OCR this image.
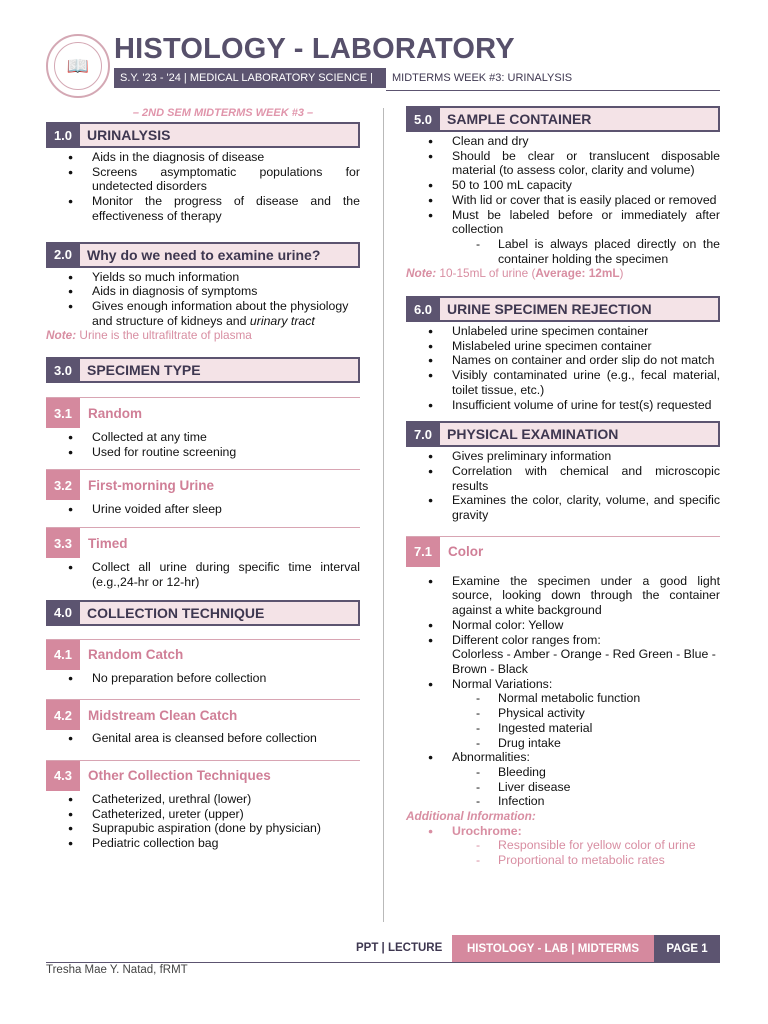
📖
HISTOLOGY - LABORATORY
S.Y. '23 - '24 | MEDICAL LABORATORY SCIENCE |	MIDTERMS WEEK #3: URINALYSIS
– 2ND SEM MIDTERMS WEEK #3 –
1.0	URINALYSIS
● Aids in the diagnosis of disease
● Screens asymptomatic populations for undetected disorders
● Monitor the progress of disease and the effectiveness of therapy
2.0	Why do we need to examine urine?
● Yields so much information
● Aids in diagnosis of symptoms
● Gives enough information about the physiology and structure of kidneys and urinary tract
Note: Urine is the ultrafiltrate of plasma
3.0	SPECIMEN TYPE
3.1	Random
● Collected at any time
● Used for routine screening
3.2	First-morning Urine
● Urine voided after sleep
3.3	Timed
● Collect all urine during specific time interval (e.g.,24-hr or 12-hr)
4.0	COLLECTION TECHNIQUE
4.1	Random Catch
● No preparation before collection
4.2	Midstream Clean Catch
● Genital area is cleansed before collection
4.3	Other Collection Techniques
● Catheterized, urethral (lower)
● Catheterized, ureter (upper)
● Suprapubic aspiration (done by physician)
● Pediatric collection bag
5.0	SAMPLE CONTAINER
● Clean and dry
● Should be clear or translucent disposable material (to assess color, clarity and volume)
● 50 to 100 mL capacity
● With lid or cover that is easily placed or removed
● Must be labeled before or immediately after collection
- Label is always placed directly on the container holding the specimen
Note: 10-15mL of urine (Average: 12mL)
6.0	URINE SPECIMEN REJECTION
● Unlabeled urine specimen container
● Mislabeled urine specimen container
● Names on container and order slip do not match
● Visibly contaminated urine (e.g., fecal material, toilet tissue, etc.)
● Insufficient volume of urine for test(s) requested
7.0	PHYSICAL EXAMINATION
● Gives preliminary information
● Correlation with chemical and microscopic results
● Examines the color, clarity, volume, and specific gravity
7.1	Color
● Examine the specimen under a good light source, looking down through the container against a white background
● Normal color: Yellow
● Different color ranges from:
Colorless - Amber - Orange - Red Green - Blue - Brown - Black
● Normal Variations:
- Normal metabolic function
- Physical activity
- Ingested material
- Drug intake
● Abnormalities:
- Bleeding
- Liver disease
- Infection
Additional Information:
● Urochrome:
- Responsible for yellow color of urine
- Proportional to metabolic rates
PPT | LECTURE	HISTOLOGY - LAB | MIDTERMS	PAGE 1
Tresha Mae Y. Natad, fRMT
